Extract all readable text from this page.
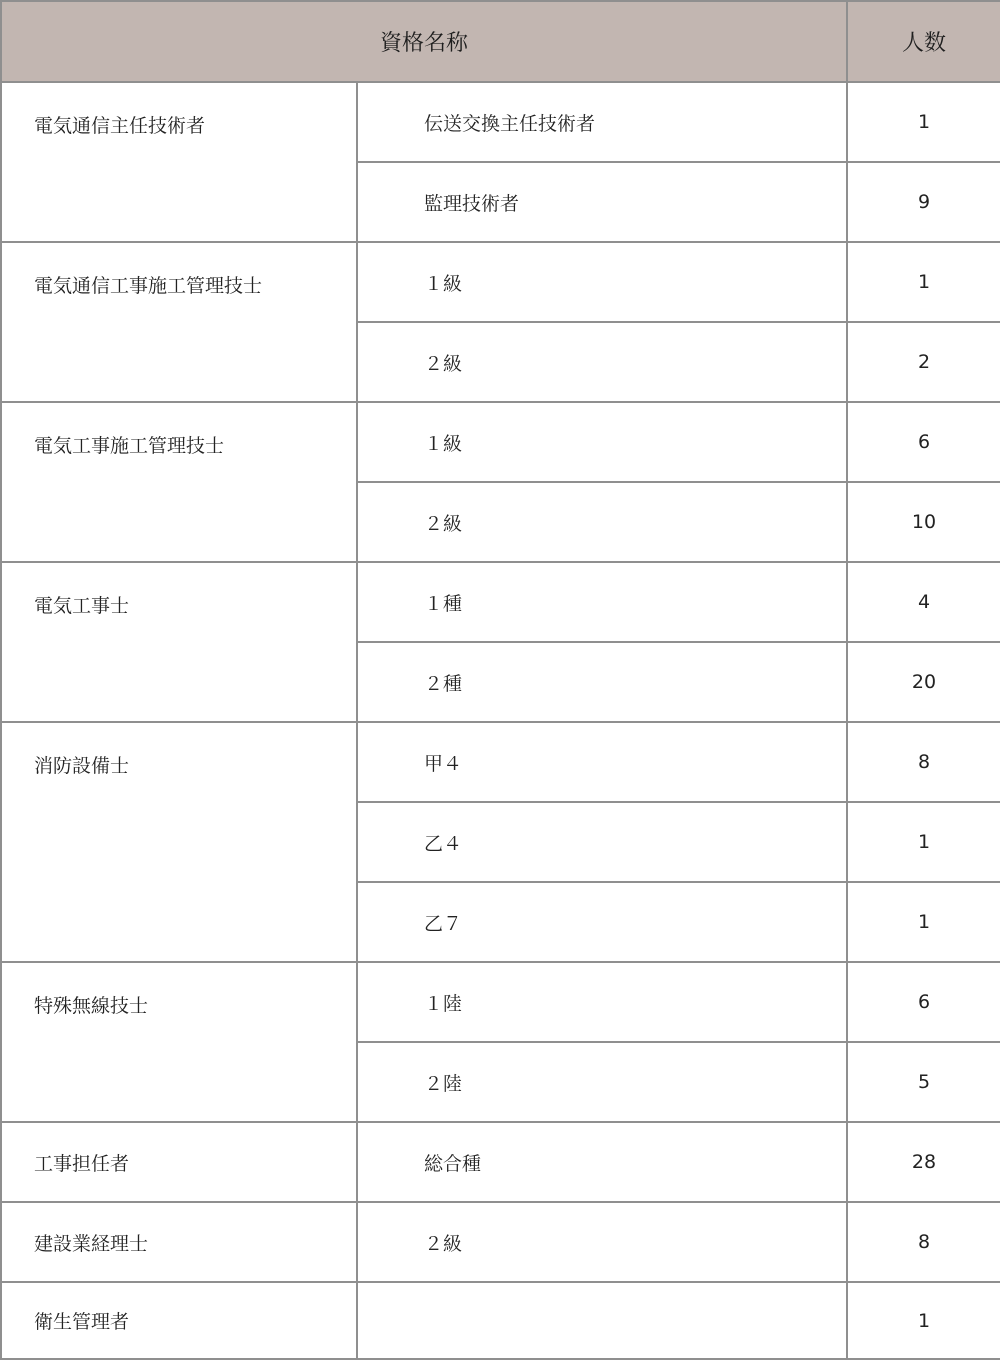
資格名称		人数
電気通信主任技術者	伝送交換主任技術者	1
	監理技術者	9
電気通信工事施工管理技士	１級	1
	２級	2
電気工事施工管理技士	１級	6
	２級	10
電気工事士	１種	4
	２種	20
消防設備士	甲４	8
	乙４	1
	乙７	1
特殊無線技士	１陸	6
	２陸	5
工事担任者	総合種	28
建設業経理士	２級	8
衛生管理者		1
